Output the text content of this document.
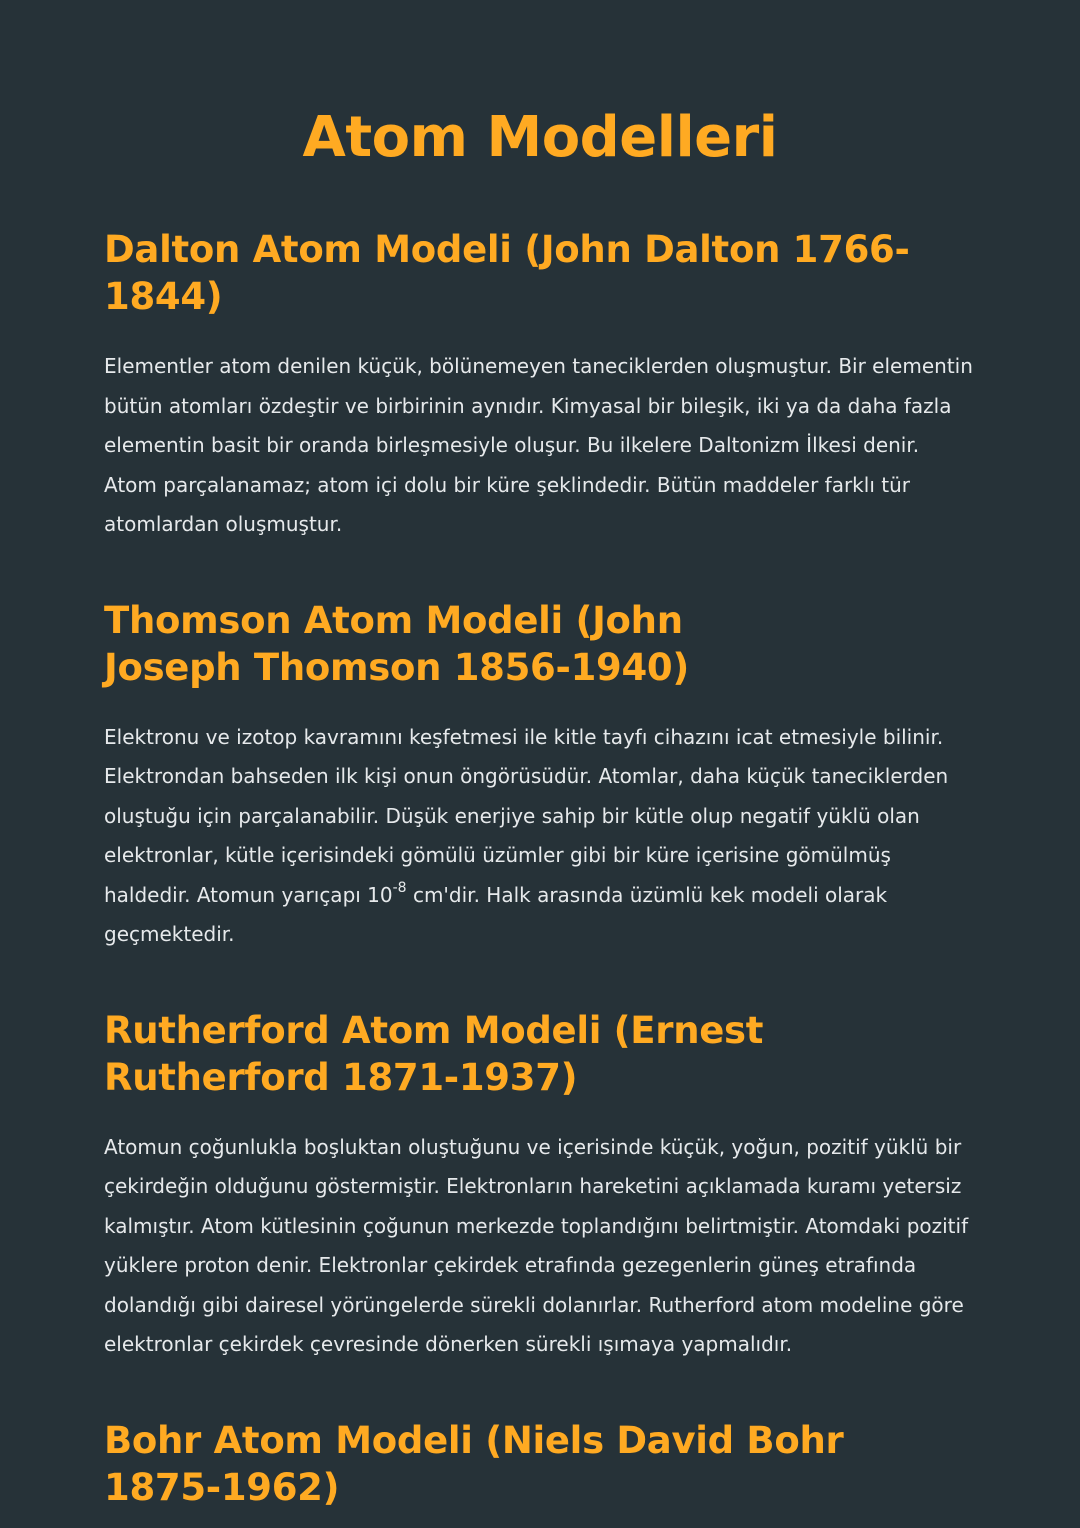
Atom Modelleri
Dalton Atom Modeli (John Dalton 1766-1844)

Elementler atom denilen küçük, bölünemeyen taneciklerden oluşmuştur. Bir elementin bütün atomları özdeştir ve birbirinin aynıdır. Kimyasal bir bileşik, iki ya da daha fazla elementin basit bir oranda birleşmesiyle oluşur. Bu ilkelere Daltonizm İlkesi denir. Atom parçalanamaz; atom içi dolu bir küre şeklindedir. Bütün maddeler farklı tür atomlardan oluşmuştur.

Thomson Atom Modeli (John Joseph Thomson 1856-1940)

Elektronu ve izotop kavramını keşfetmesi ile kitle tayfı cihazını icat etmesiyle bilinir. Elektrondan bahseden ilk kişi onun öngörüsüdür. Atomlar, daha küçük taneciklerden oluştuğu için parçalanabilir. Düşük enerjiye sahip bir kütle olup negatif yüklü olan elektronlar, kütle içerisindeki gömülü üzümler gibi bir küre içerisine gömülmüş haldedir. Atomun yarıçapı $10^{-8}$ cm'dir. Halk arasında üzümlü kek modeli olarak geçmektedir.

Rutherford Atom Modeli (Ernest Rutherford 1871-1937)

Atomun çoğunlukla boşluktan oluştuğunu ve içerisinde küçük, yoğun, pozitif yüklü bir çekirdeğin olduğunu göstermiştir. Elektronların hareketini açıklamada kuramı yetersiz kalmıştır. Atom kütlesinin çoğunun merkezde toplandığını belirtmiştir. Atomdaki pozitif yüklere proton denir. Elektronlar çekirdek etrafında gezegenlerin güneş etrafında dolandığı gibi dairesel yörüngelerde sürekli dolanırlar. Rutherford atom modeline göre elektronlar çekirdek çevresinde dönerken sürekli ışımaya yapmalıdır.

Bohr Atom Modeli (Niels David Bohr 1875-1962)
